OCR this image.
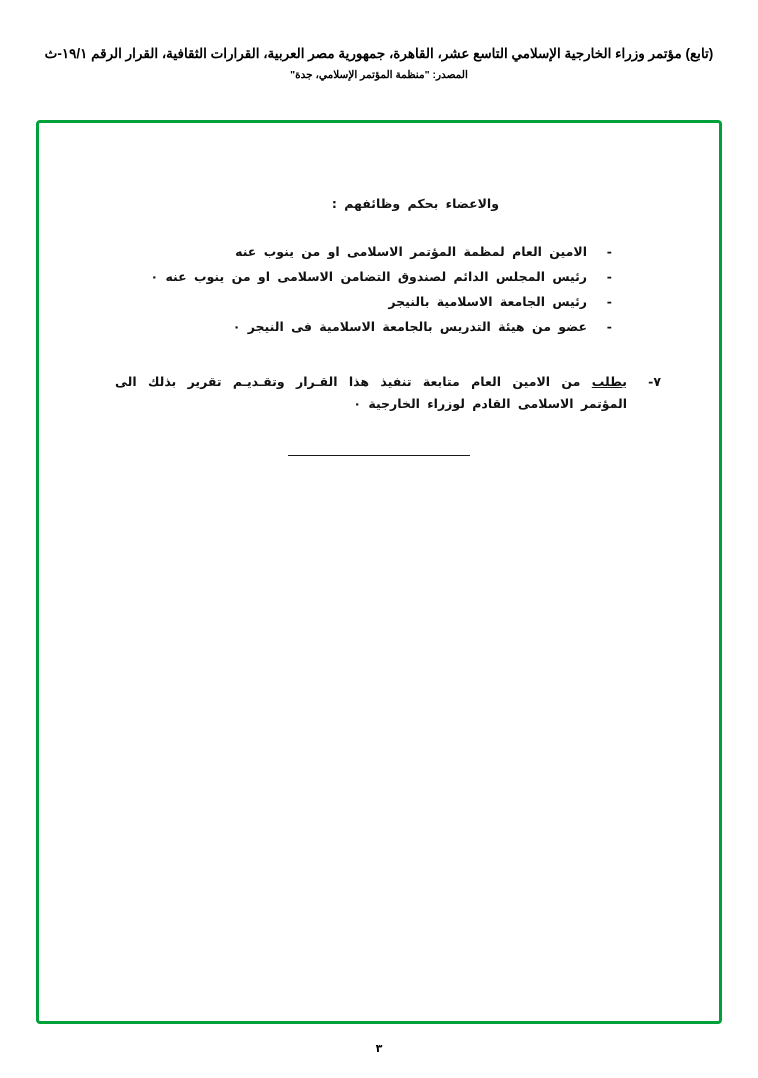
(تابع) مؤتمر وزراء الخارجية الإسلامي التاسع عشر، القاهرة، جمهورية مصر العربية، القرارات الثقافية، القرار الرقم ١٩/١-ث
المصدر: "منظمة المؤتمر الإسلامي، جدة"
والاعضاء بحكم وظائفهم :
-
الامين العام لمظمة المؤتمر الاسلامى او من ينوب عنه
-
رئيس المجلس الدائم لصندوق التضامن الاسلامى او من ينوب عنه ٠
-
رئيس الجامعة الاسلامية بالنيجر
-
عضو من هيئة التدريس بالجامعة الاسلامية فى النيجر ٠
٧-
يطلب من الامين العام متابعة تنفيذ هذا القـرار وتقـديـم تقرير بذلك الى المؤتمر الاسلامى القادم لوزراء الخارجية ٠
٣
